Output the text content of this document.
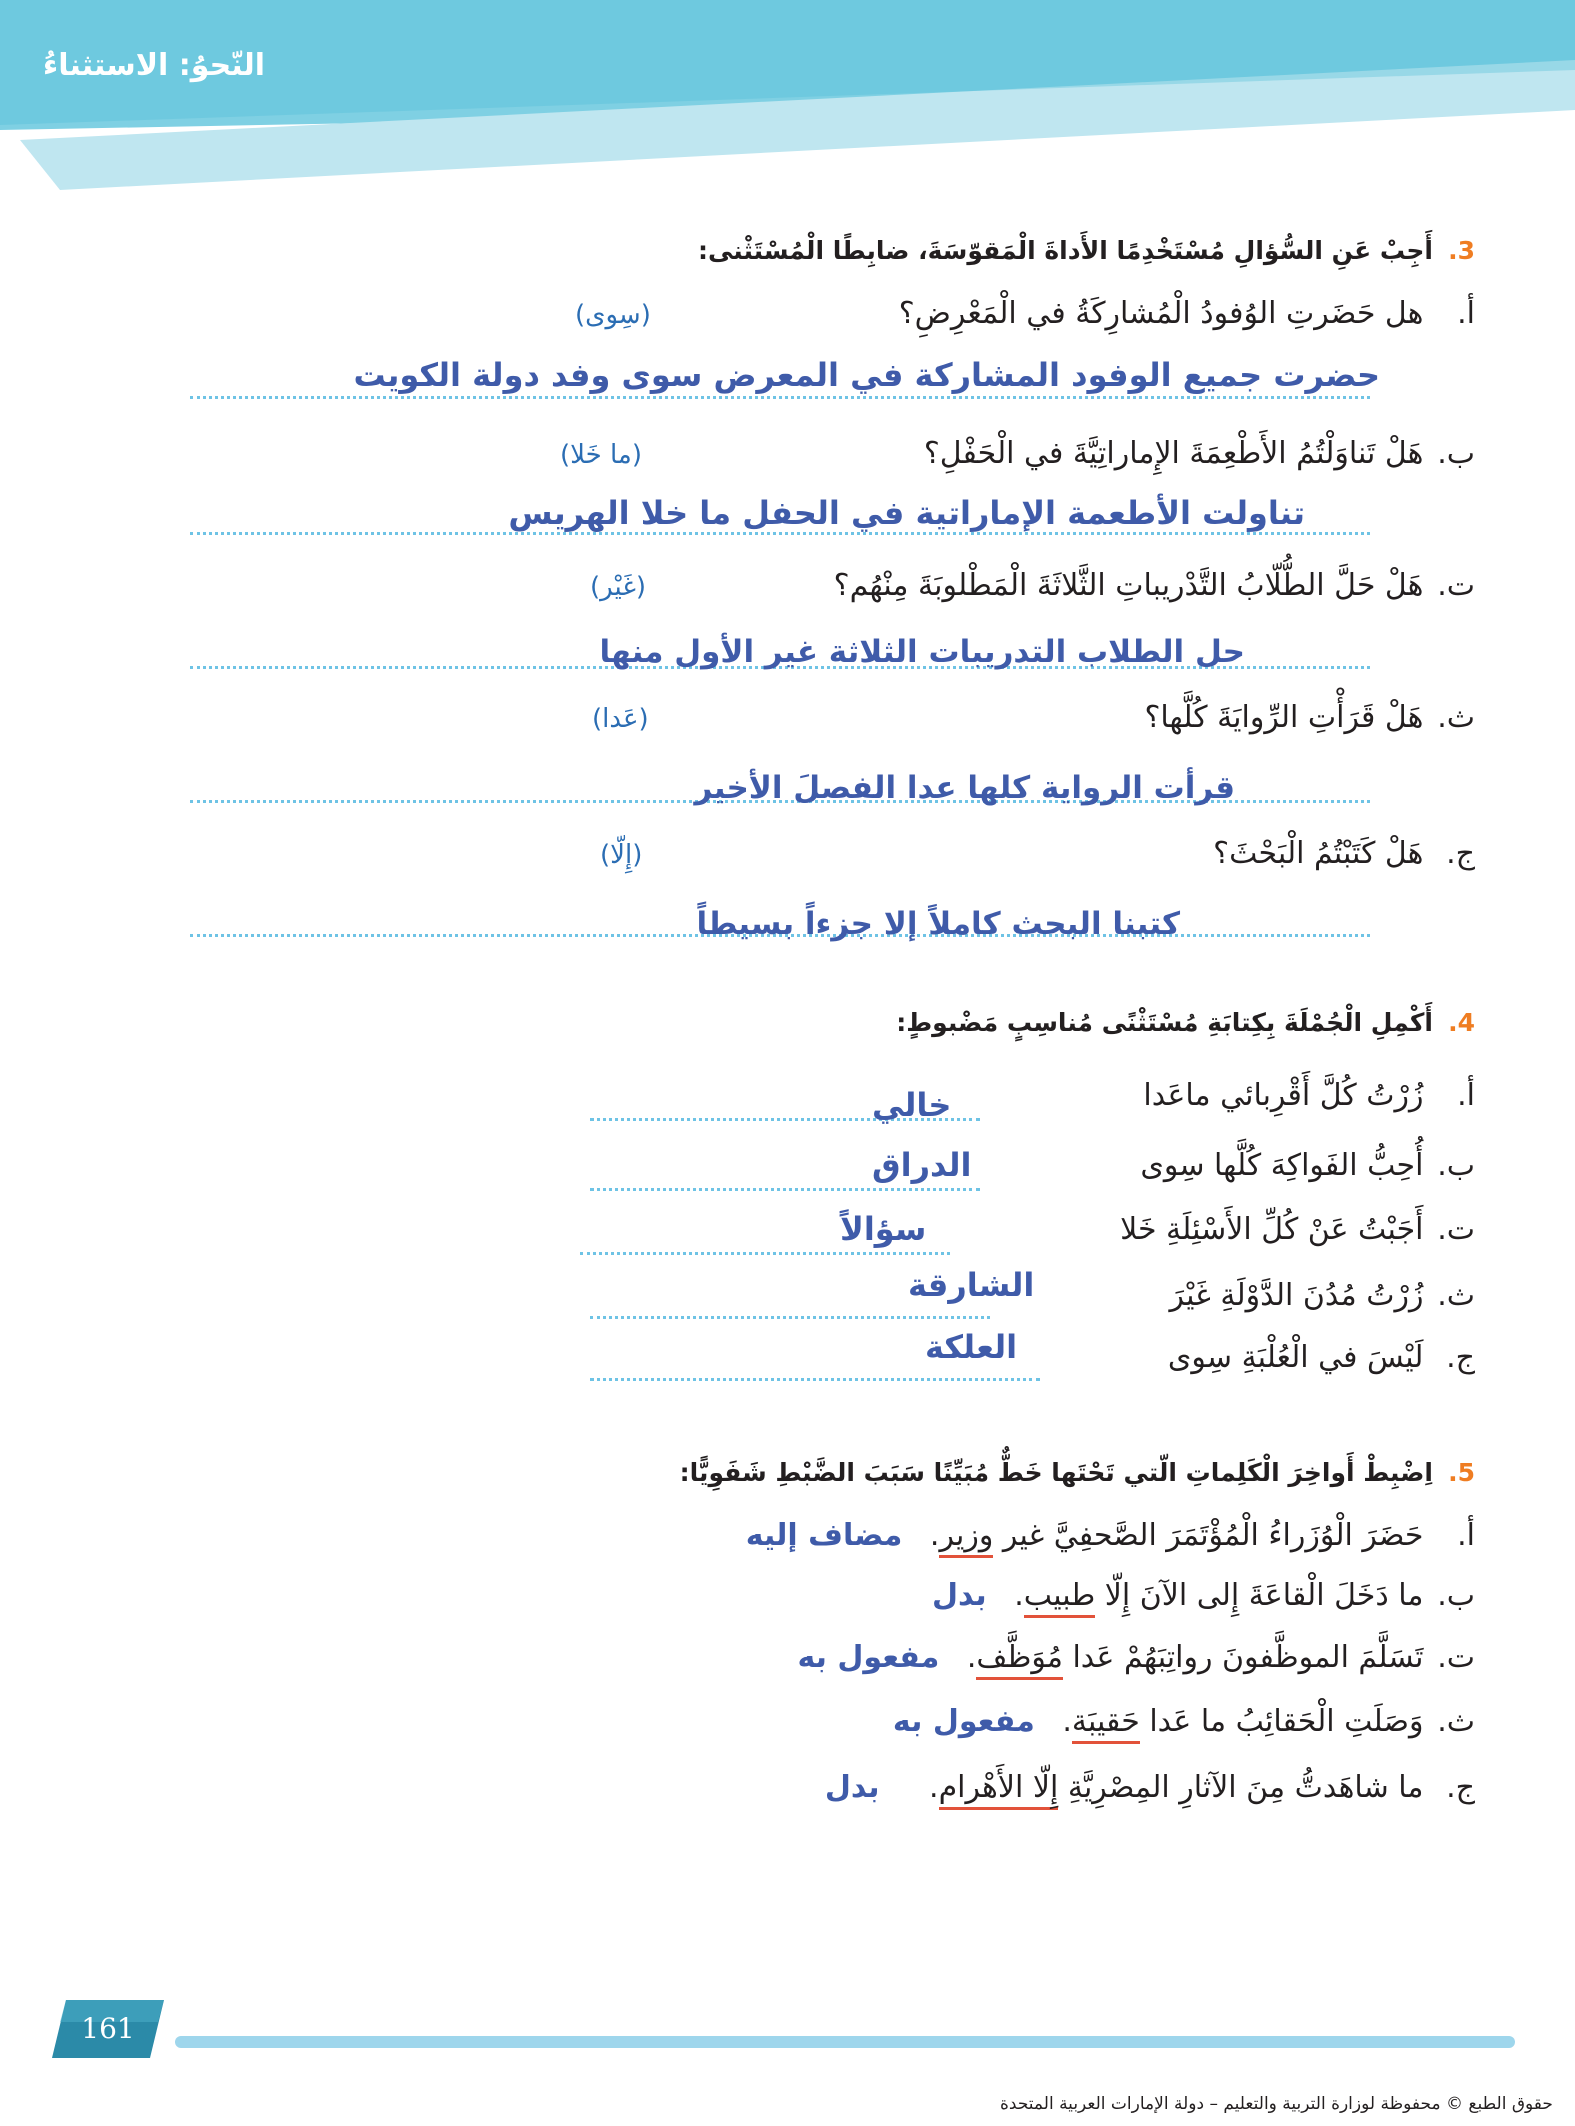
النّحوُ: الاستثناءُ
3. أَجِبْ عَنِ السُّؤالِ مُسْتَخْدِمًا الأَداةَ الْمَقوّسَةَ، ضابِطًا الْمُسْتَثْنى:
أ. هل حَضَرتِ الوُفودُ الْمُشارِكَةُ في الْمَعْرِضِ؟
(سِوى)
حضرت جميع الوفود المشاركة في المعرض سوى وفد دولة الكويت
ب. هَلْ تَناوَلْتُمُ الأَطْعِمَةَ الإِماراتِيَّةَ في الْحَفْلِ؟
(ما خَلا)
تناولت الأطعمة الإماراتية في الحفل ما خلا الهريس
ت. هَلْ حَلَّ الطُّلّابُ التَّدْريباتِ الثَّلاثَةَ الْمَطْلوبَةَ مِنْهُم؟
(غَيْر)
حل الطلاب التدريبات الثلاثة غير الأول منها
ث. هَلْ قَرَأْتِ الرِّوايَةَ كُلَّها؟
(عَدا)
قرأت الرواية كلها عدا الفصلَ الأخير
ج. هَلْ كَتَبْتُمُ الْبَحْثَ؟
(إِلّا)
كتبنا البحث كاملاً إلا جزءاً بسيطاً
4. أَكْمِلِ الْجُمْلَةَ بِكِتابَةِ مُسْتَثْنًى مُناسِبٍ مَضْبوطٍ:
أ. زُرْتُ كُلَّ أَقْرِبائي ماعَدا
خالي
ب. أُحِبُّ الفَواكِهَ كُلَّها سِوى
الدراق
ت. أَجَبْتُ عَنْ كُلِّ الأَسْئِلَةِ خَلا
سؤالاً
ث. زُرْتُ مُدُنَ الدَّوْلَةِ غَيْرَ
الشارقة
ج. لَيْسَ في الْعُلْبَةِ سِوى
العلكة
5. اِضْبِطْ أَواخِرَ الْكَلِماتِ الّتي تَحْتَها خَطٌّ مُبَيِّنًا سَبَبَ الضَّبْطِ شَفَوِيًّا:
أ. حَضَرَ الْوُزَراءُ الْمُؤْتَمَرَ الصَّحفِيَّ غير وزير. مضاف إليه
ب. ما دَخَلَ الْقاعَةَ إِلى الآنَ إِلّا طبيب. بدل
ت. تَسَلَّمَ الموظَّفونَ رواتِبَهُمْ عَدا مُوَظَّف. مفعول به
ث. وَصَلَتِ الْحَقائِبُ ما عَدا حَقيبَة. مفعول به
ج. ما شاهَدتُّ مِنَ الآثارِ المِصْرِيَّةِ إِلّا الأَهْرام. بدل
161
حقوق الطبع © محفوظة لوزارة التربية والتعليم – دولة الإمارات العربية المتحدة
